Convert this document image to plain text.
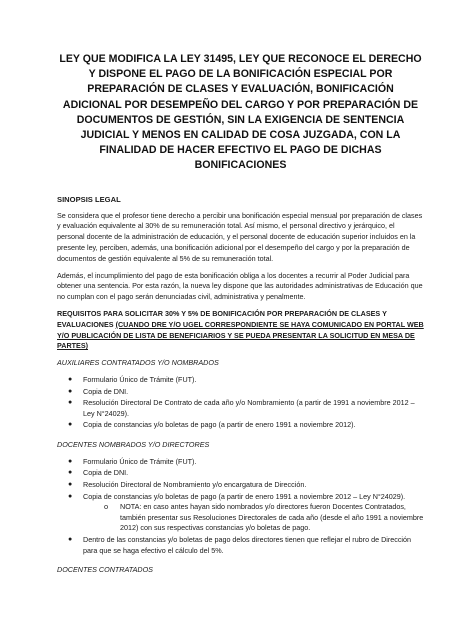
LEY QUE MODIFICA LA LEY 31495, LEY QUE RECONOCE EL DERECHO Y DISPONE EL PAGO DE LA BONIFICACIÓN ESPECIAL POR PREPARACIÓN DE CLASES Y EVALUACIÓN, BONIFICACIÓN ADICIONAL POR DESEMPEÑO DEL CARGO Y POR PREPARACIÓN DE DOCUMENTOS DE GESTIÓN, SIN LA EXIGENCIA DE SENTENCIA JUDICIAL Y MENOS EN CALIDAD DE COSA JUZGADA, CON LA FINALIDAD DE HACER EFECTIVO EL PAGO DE DICHAS BONIFICACIONES
SINOPSIS LEGAL

Se considera que el profesor tiene derecho a percibir una bonificación especial mensual por preparación de clases y evaluación equivalente al 30% de su remuneración total. Así mismo, el personal directivo y jerárquico, el personal docente de la administración de educación, y el personal docente de educación superior incluidos en la presente ley, perciben, además, una bonificación adicional por el desempeño del cargo y por la preparación de documentos de gestión equivalente al 5% de su remuneración total.

Además, el incumplimiento del pago de esta bonificación obliga a los docentes a recurrir al Poder Judicial para obtener una sentencia. Por esta razón, la nueva ley dispone que las autoridades administrativas de Educación que no cumplan con el pago serán denunciadas civil, administrativa y penalmente.

REQUISITOS PARA SOLICITAR 30% Y 5% DE BONIFICACIÓN POR PREPARACIÓN DE CLASES Y EVALUACIONES (CUANDO DRE Y/O UGEL CORRESPONDIENTE SE HAYA COMUNICADO EN PORTAL WEB Y/O PUBLICACIÓN DE LISTA DE BENEFICIARIOS Y SE PUEDA PRESENTAR LA SOLICITUD EN MESA DE PARTES)
AUXILIARES CONTRATADOS Y/O NOMBRADOS
● Formulario Único de Trámite (FUT).
● Copia de DNI.
● Resolución Directoral De Contrato de cada año y/o Nombramiento (a partir de 1991 a noviembre 2012 – Ley N°24029).
● Copia de constancias y/o boletas de pago (a partir de enero 1991 a noviembre 2012).
DOCENTES NOMBRADOS Y/O DIRECTORES
● Formulario Único de Trámite (FUT).
● Copia de DNI.
● Resolución Directoral de Nombramiento y/o encargatura de Dirección.
● Copia de constancias y/o boletas de pago (a partir de enero 1991 a noviembre 2012 – Ley N°24029).
o NOTA: en caso antes hayan sido nombrados y/o directores fueron Docentes Contratados, también presentar sus Resoluciones Directorales de cada año (desde el año 1991 a noviembre 2012) con sus respectivas constancias y/o boletas de pago.
● Dentro de las constancias y/o boletas de pago delos directores tienen que reflejar el rubro de Dirección para que se haga efectivo el cálculo del 5%.
DOCENTES CONTRATADOS
